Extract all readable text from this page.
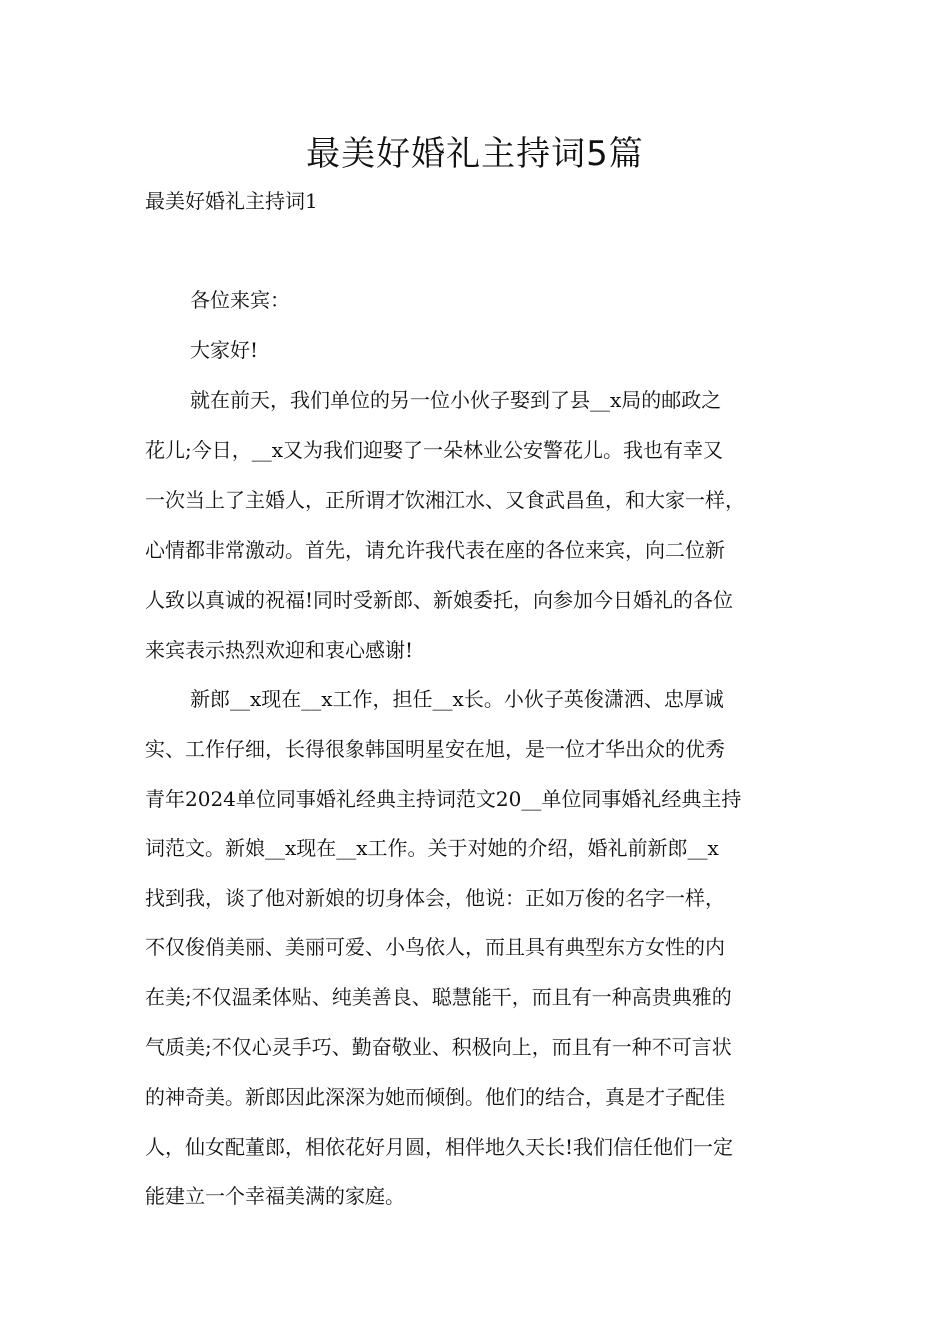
最美好婚礼主持词5篇
最美好婚礼主持词1
各位来宾：
大家好!
就在前天，我们单位的另一位小伙子娶到了县__x局的邮政之
花儿;今日，__x又为我们迎娶了一朵林业公安警花儿。我也有幸又
一次当上了主婚人，正所谓才饮湘江水、又食武昌鱼，和大家一样，
心情都非常激动。首先，请允许我代表在座的各位来宾，向二位新
人致以真诚的祝福!同时受新郎、新娘委托，向参加今日婚礼的各位
来宾表示热烈欢迎和衷心感谢!
新郎__x现在__x工作，担任__x长。小伙子英俊潇洒、忠厚诚
实、工作仔细，长得很象韩国明星安在旭，是一位才华出众的优秀
青年2024单位同事婚礼经典主持词范文20__单位同事婚礼经典主持
词范文。新娘__x现在__x工作。关于对她的介绍，婚礼前新郎__x
找到我，谈了他对新娘的切身体会，他说：正如万俊的名字一样，
不仅俊俏美丽、美丽可爱、小鸟依人，而且具有典型东方女性的内
在美;不仅温柔体贴、纯美善良、聪慧能干，而且有一种高贵典雅的
气质美;不仅心灵手巧、勤奋敬业、积极向上，而且有一种不可言状
的神奇美。新郎因此深深为她而倾倒。他们的结合，真是才子配佳
人，仙女配董郎，相依花好月圆，相伴地久天长!我们信任他们一定
能建立一个幸福美满的家庭。
